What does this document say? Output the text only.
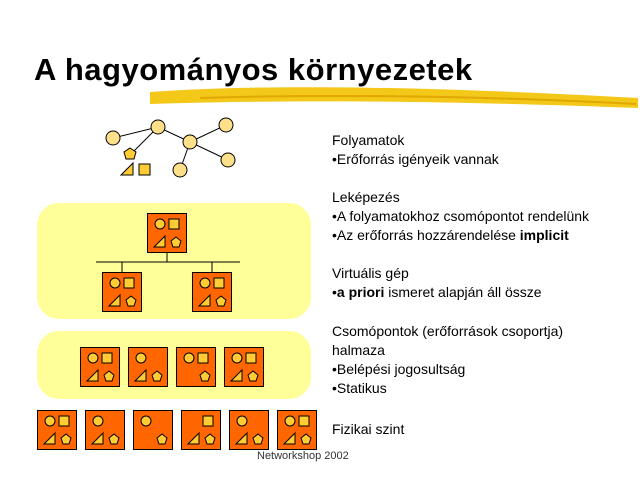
A hagyományos környezetek
Folyamatok
•Erőforrás igényeik vannak
Leképezés
•A folyamatokhoz csomópontot rendelünk
•Az erőforrás hozzárendelése implicit
Virtuális gép
•a priori ismeret alapján áll össze
Csomópontok (erőforrások csoportja)
halmaza
•Belépési jogosultság
•Statikus
Fizikai szint
Networkshop 2002
